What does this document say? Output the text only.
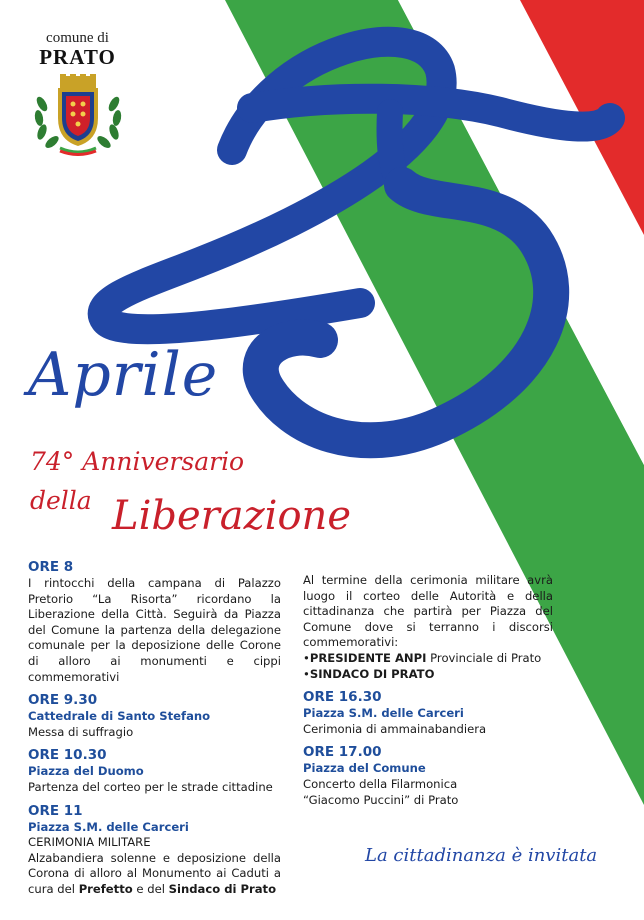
comune di
PRATO
Aprile
74° Anniversario
della Liberazione
ORE 8
I rintocchi della campana di Palazzo Pretorio “La Risorta” ricordano la Liberazione della Città. Seguirà da Piazza del Comune la partenza della delegazione comunale per la deposizione delle Corone di alloro ai monumenti e cippi commemorativi
ORE 9.30
Cattedrale di Santo Stefano
Messa di suffragio
ORE 10.30
Piazza del Duomo
Partenza del corteo per le strade cittadine
ORE 11
Piazza S.M. delle Carceri
CERIMONIA MILITARE
Alzabandiera solenne e deposizione della Corona di alloro al Monumento ai Caduti a cura del Prefetto e del Sindaco di Prato
Al termine della cerimonia militare avrà luogo il corteo delle Autorità e della cittadinanza che partirà per Piazza del Comune dove si terranno i discorsi commemorativi:
•PRESIDENTE ANPI Provinciale di Prato
•SINDACO DI PRATO
ORE 16.30
Piazza S.M. delle Carceri
Cerimonia di ammainabandiera
ORE 17.00
Piazza del Comune
Concerto della Filarmonica
“Giacomo Puccini” di Prato
La cittadinanza è invitata
